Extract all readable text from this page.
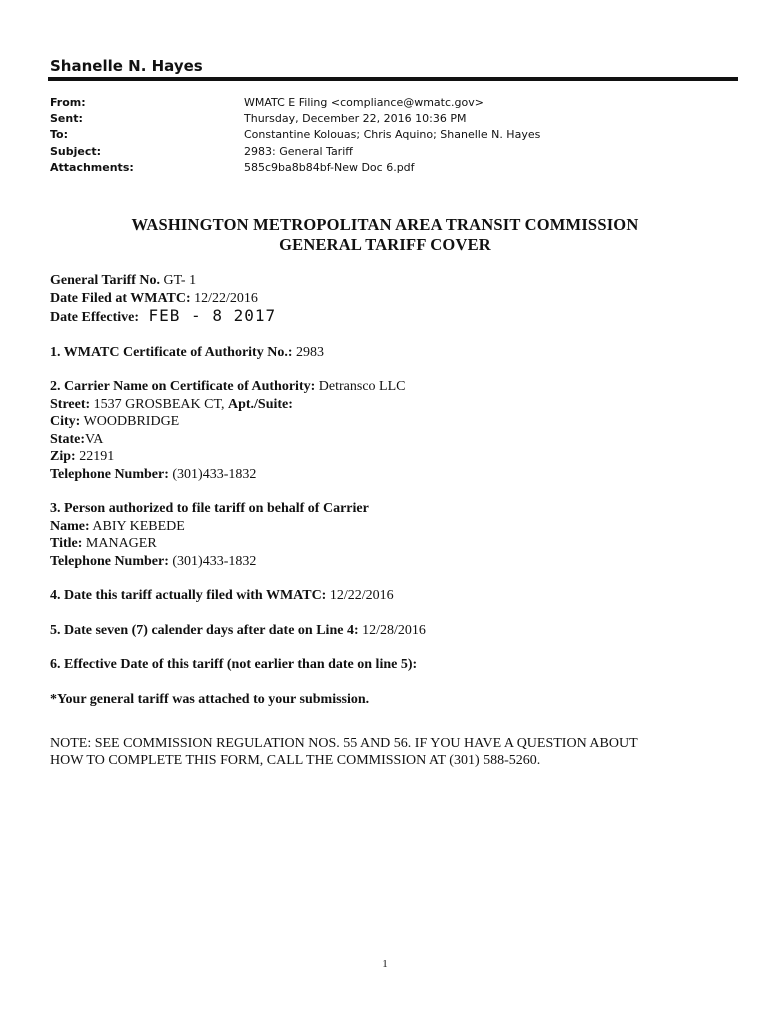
Shanelle N. Hayes
From:	WMATC E Filing <compliance@wmatc.gov>
Sent:	Thursday, December 22, 2016 10:36 PM
To:	Constantine Kolouas; Chris Aquino; Shanelle N. Hayes
Subject:	2983: General Tariff
Attachments:	585c9ba8b84bf-New Doc 6.pdf
WASHINGTON METROPOLITAN AREA TRANSIT COMMISSION
GENERAL TARIFF COVER
General Tariff No. GT- 1
Date Filed at WMATC: 12/22/2016
Date Effective: FEB - 8 2017
1. WMATC Certificate of Authority No.: 2983
2. Carrier Name on Certificate of Authority: Detransco LLC
Street: 1537 GROSBEAK CT, Apt./Suite:
City: WOODBRIDGE
State:VA
Zip: 22191
Telephone Number: (301)433-1832
3. Person authorized to file tariff on behalf of Carrier
Name: ABIY KEBEDE
Title: MANAGER
Telephone Number: (301)433-1832
4. Date this tariff actually filed with WMATC: 12/22/2016
5. Date seven (7) calender days after date on Line 4: 12/28/2016
6. Effective Date of this tariff (not earlier than date on line 5):
*Your general tariff was attached to your submission.
NOTE: SEE COMMISSION REGULATION NOS. 55 AND 56. IF YOU HAVE A QUESTION ABOUT
HOW TO COMPLETE THIS FORM, CALL THE COMMISSION AT (301) 588-5260.
1
